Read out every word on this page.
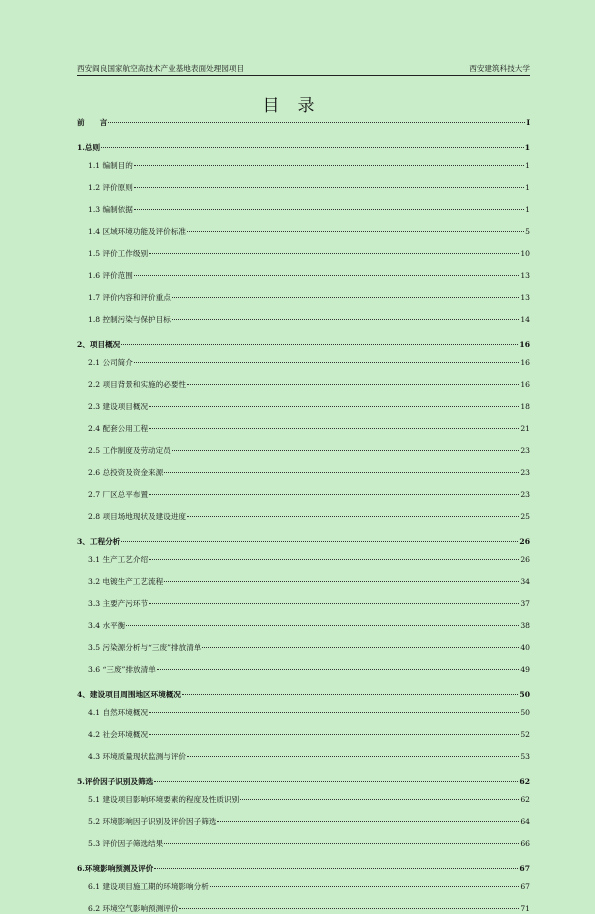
西安阎良国家航空高技术产业基地表面处理园项目	西安建筑科技大学
目录
前　　言	I
1.总则	1
1.1 编制目的	1
1.2 评价原则	1
1.3 编制依据	1
1.4 区域环境功能及评价标准	5
1.5 评价工作级别	10
1.6 评价范围	13
1.7 评价内容和评价重点	13
1.8 控制污染与保护目标	14
2、项目概况	16
2.1 公司简介	16
2.2 项目背景和实施的必要性	16
2.3 建设项目概况	18
2.4 配套公用工程	21
2.5 工作制度及劳动定员	23
2.6 总投资及资金来源	23
2.7 厂区总平布置	23
2.8 项目场地现状及建设进度	25
3、工程分析	26
3.1 生产工艺介绍	26
3.2 电镀生产工艺流程	34
3.3 主要产污环节	37
3.4 水平衡	38
3.5 污染源分析与“三废”排放清单	40
3.6 “三废”排放清单	49
4、建设项目周围地区环境概况	50
4.1 自然环境概况	50
4.2 社会环境概况	52
4.3 环境质量现状监测与评价	53
5.评价因子识别及筛选	62
5.1 建设项目影响环境要素的程度及性质识别	62
5.2 环境影响因子识别及评价因子筛选	64
5.3 评价因子筛选结果	66
6.环境影响预测及评价	67
6.1 建设项目施工期的环境影响分析	67
6.2 环境空气影响预测评价	71
